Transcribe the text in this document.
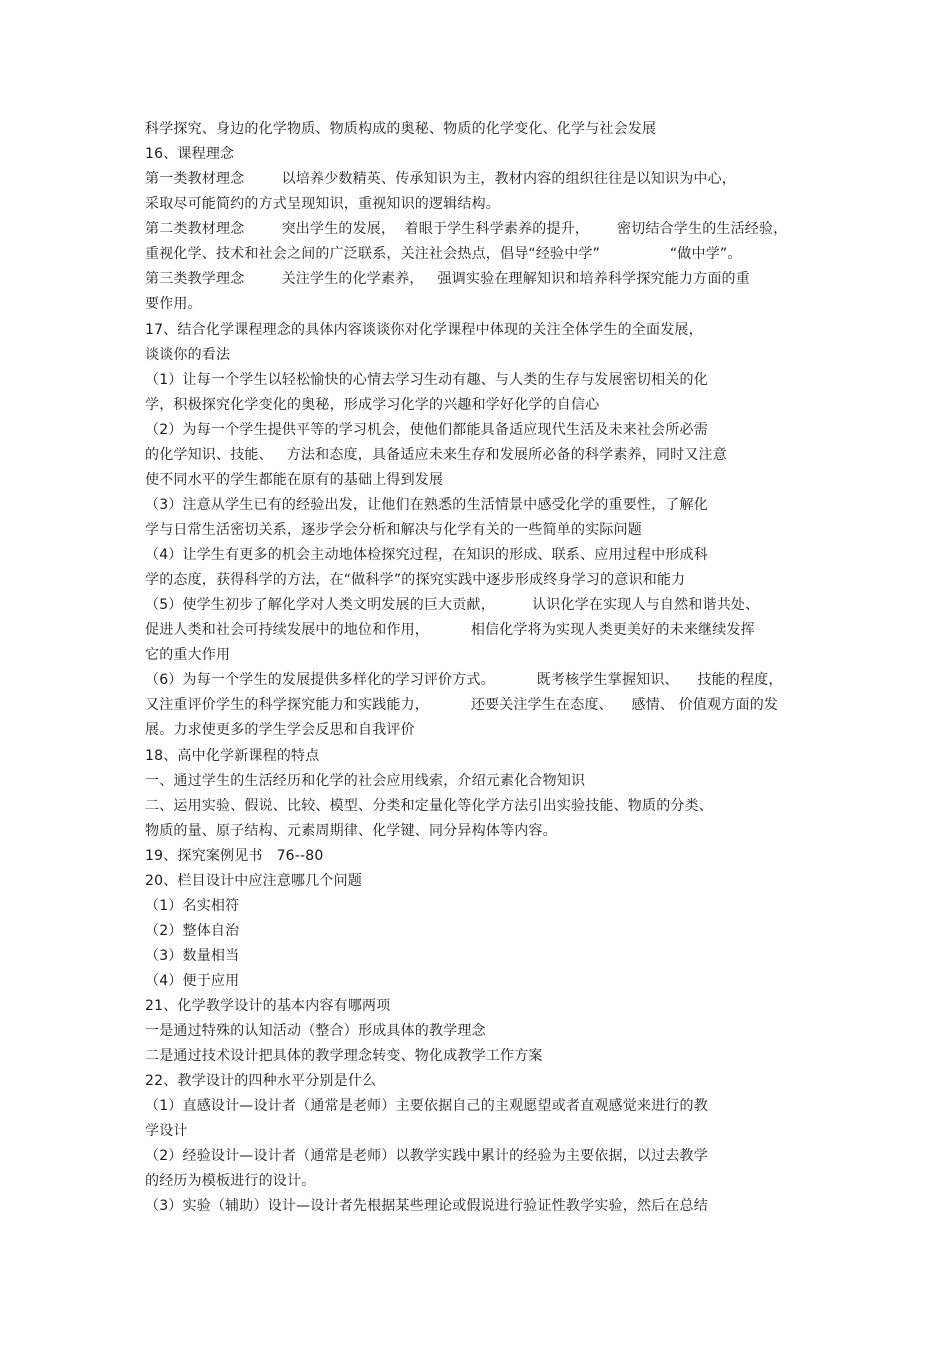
科学探究、身边的化学物质、物质构成的奥秘、物质的化学变化、化学与社会发展
16、课程理念
第一类教材理念        以培养少数精英、传承知识为主，教材内容的组织往往是以知识为中心，
采取尽可能简约的方式呈现知识，重视知识的逻辑结构。
第二类教材理念        突出学生的发展，  着眼于学生科学素养的提升，      密切结合学生的生活经验，
重视化学、技术和社会之间的广泛联系，关注社会热点，倡导“经验中学”               “做中学”。
第三类教学理念        关注学生的化学素养，   强调实验在理解知识和培养科学探究能力方面的重
要作用。
17、结合化学课程理念的具体内容谈谈你对化学课程中体现的关注全体学生的全面发展，
谈谈你的看法
（1）让每一个学生以轻松愉快的心情去学习生动有趣、与人类的生存与发展密切相关的化
学，积极探究化学变化的奥秘，形成学习化学的兴趣和学好化学的自信心
（2）为每一个学生提供平等的学习机会，使他们都能具备适应现代生活及未来社会所必需
的化学知识、技能、   方法和态度，具备适应未来生存和发展所必备的科学素养，同时又注意
使不同水平的学生都能在原有的基础上得到发展
（3）注意从学生已有的经验出发，让他们在熟悉的生活情景中感受化学的重要性，了解化
学与日常生活密切关系，逐步学会分析和解决与化学有关的一些简单的实际问题
（4）让学生有更多的机会主动地体检探究过程，在知识的形成、联系、应用过程中形成科
学的态度，获得科学的方法，在“做科学”的探究实践中逐步形成终身学习的意识和能力
（5）使学生初步了解化学对人类文明发展的巨大贡献，        认识化学在实现人与自然和谐共处、
促进人类和社会可持续发展中的地位和作用，         相信化学将为实现人类更美好的未来继续发挥
它的重大作用
（6）为每一个学生的发展提供多样化的学习评价方式。         既考核学生掌握知识、    技能的程度，
又注重评价学生的科学探究能力和实践能力，         还要关注学生在态度、    感情、 价值观方面的发
展。力求使更多的学生学会反思和自我评价
18、高中化学新课程的特点
一、通过学生的生活经历和化学的社会应用线索，介绍元素化合物知识
二、运用实验、假说、比较、模型、分类和定量化等化学方法引出实验技能、物质的分类、
物质的量、原子结构、元素周期律、化学键、同分异构体等内容。
19、探究案例见书   76--80
20、栏目设计中应注意哪几个问题
（1）名实相符
（2）整体自治
（3）数量相当
（4）便于应用
21、化学教学设计的基本内容有哪两项
一是通过特殊的认知活动（整合）形成具体的教学理念
二是通过技术设计把具体的教学理念转变、物化成教学工作方案
22、教学设计的四种水平分别是什么
（1）直感设计—设计者（通常是老师）主要依据自己的主观愿望或者直观感觉来进行的教
学设计
（2）经验设计—设计者（通常是老师）以教学实践中累计的经验为主要依据，以过去教学
的经历为模板进行的设计。
（3）实验（辅助）设计—设计者先根据某些理论或假说进行验证性教学实验，然后在总结
